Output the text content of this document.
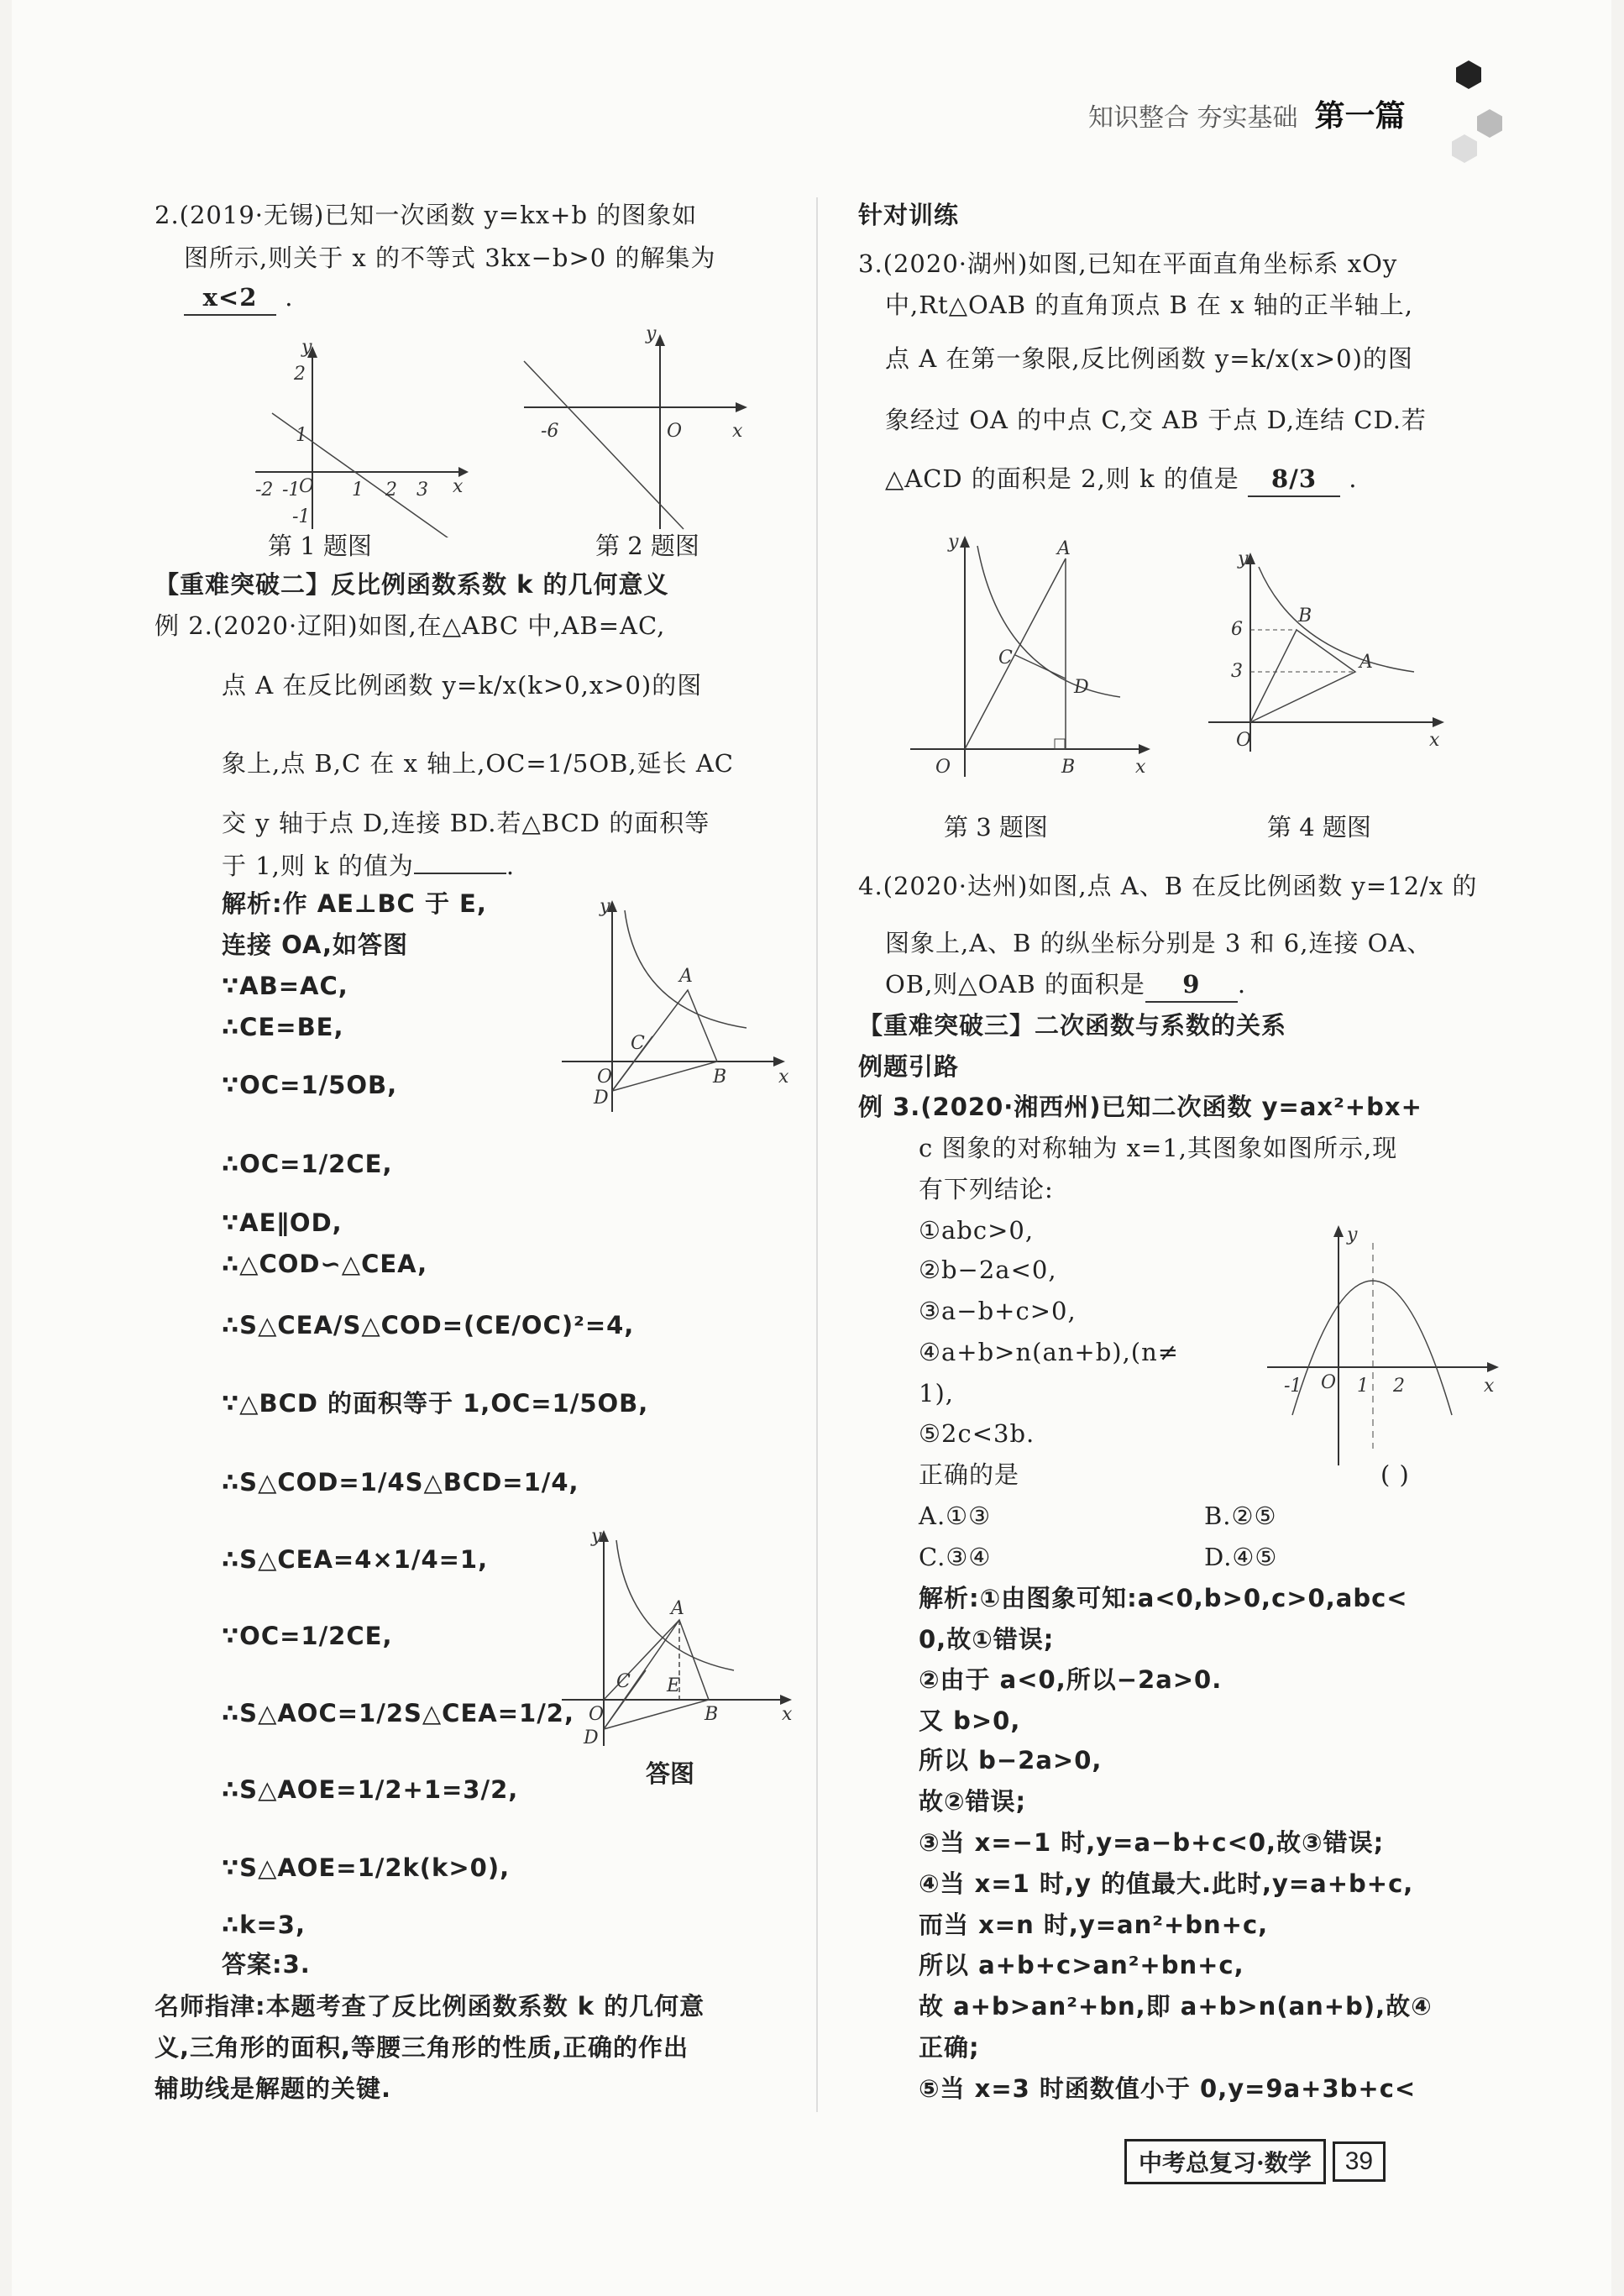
知识整合 夯实基础 第一篇
2.(2019·无锡)已知一次函数 y=kx+b 的图象如
图所示,则关于 x 的不等式 3kx−b>0 的解集为
x<2 .
y
2
1
-2 -1
O 1 2 3 x
-1
y
-6	O	x
第 1 题图	第 2 题图
【重难突破二】反比例函数系数 k 的几何意义
例 2.(2020·辽阳)如图,在△ABC 中,AB=AC,
点 A 在反比例函数 y=k/x(k>0,x>0)的图
象上,点 B,C 在 x 轴上,OC=1/5OB,延长 AC
交 y 轴于点 D,连接 BD.若△BCD 的面积等
于 1,则 k 的值为	.
y
A
C
O	B	x
D
y
A
C E
O	B	x
D
答图
名师指津:本题考查了反比例函数系数 k 的几何意
义,三角形的面积,等腰三角形的性质,正确的作出
辅助线是解题的关键.
针对训练
3.(2020·湖州)如图,已知在平面直角坐标系 xOy
中,Rt△OAB 的直角顶点 B 在 x 轴的正半轴上,
点 A 在第一象限,反比例函数 y=k/x(x>0)的图
象经过 OA 的中点 C,交 AB 于点 D,连结 CD.若
△ACD 的面积是 2,则 k 的值是 8/3 .
y	A
C
D
O	B	x
y
B
6
3	A
O	x
第 3 题图	第 4 题图
4.(2020·达州)如图,点 A、B 在反比例函数 y=12/x 的
图象上,A、B 的纵坐标分别是 3 和 6,连接 OA、
OB,则△OAB 的面积是 9 .
【重难突破三】二次函数与系数的关系
例题引路
( )
A.①③	B.②⑤
C.③④	D.④⑤
y
-1 O 1 2	x
中考总复习·数学	39
解析:作 AE⊥BC 于 E,
连接 OA,如答图
∵AB=AC,
∴CE=BE,
∵OC=1/5OB,
∴OC=1/2CE,
∵AE∥OD,
∴△COD∽△CEA,
∴S△CEA/S△COD=(CE/OC)²=4,
∵△BCD 的面积等于 1,OC=1/5OB,
∴S△COD=1/4S△BCD=1/4,
∴S△CEA=4×1/4=1,
∵OC=1/2CE,
∴S△AOC=1/2S△CEA=1/2,
∴S△AOE=1/2+1=3/2,
∵S△AOE=1/2k(k>0),
∴k=3,
答案:3.
例 3.(2020·湘西州)已知二次函数 y=ax²+bx+
c 图象的对称轴为 x=1,其图象如图所示,现
有下列结论:
①abc>0,
②b−2a<0,
③a−b+c>0,
④a+b>n(an+b),(n≠
1),
⑤2c<3b.
正确的是
解析:①由图象可知:a<0,b>0,c>0,abc<
0,故①错误;
②由于 a<0,所以−2a>0.
又 b>0,
所以 b−2a>0,
故②错误;
③当 x=−1 时,y=a−b+c<0,故③错误;
④当 x=1 时,y 的值最大.此时,y=a+b+c,
而当 x=n 时,y=an²+bn+c,
所以 a+b+c>an²+bn+c,
故 a+b>an²+bn,即 a+b>n(an+b),故④
正确;
⑤当 x=3 时函数值小于 0,y=9a+3b+c<
